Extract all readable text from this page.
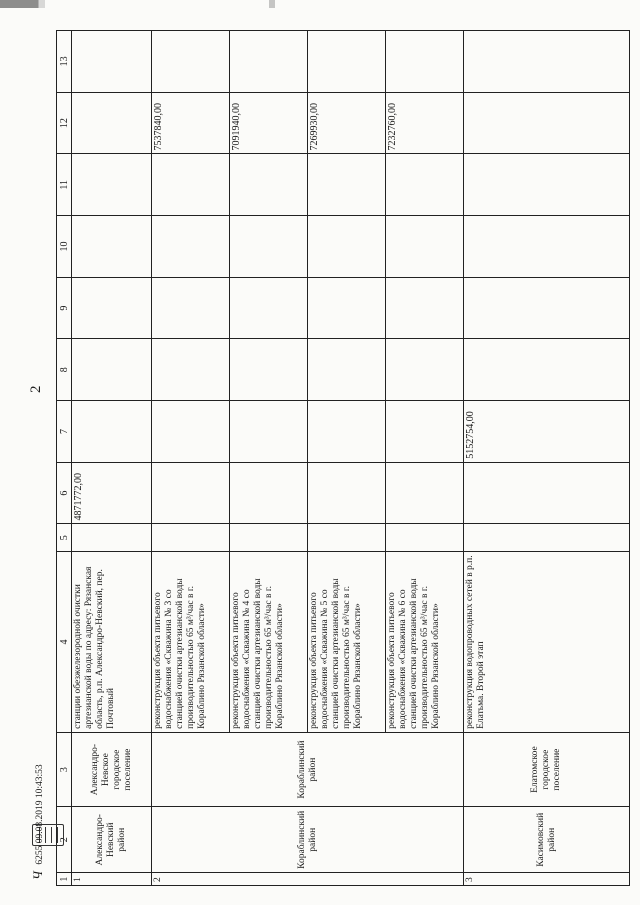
2
1	2	3	4	5	6	7	8	9	10	11	12	13
1	Александро-Невский район	Александро-Невское городское поселение	станции обезжелезородной очистки артезианской воды по адресу: Рязанская область, р.п. Александро-Невский, пер. Почтовый		4871772,00							
2	Кораблинский район	Кораблинский район	реконструкция объекта питьевого водоснабжения «Скважина № 3 со станцией очистки артезианской воды производительностью 65 м³/час в г. Кораблино Рязанской области»								7537840,00	
			реконструкция объекта питьевого водоснабжения «Скважина № 4 со станцией очистки артезианской воды производительностью 65 м³/час в г. Кораблино Рязанской области»								7091940,00	
			реконструкция объекта питьевого водоснабжения «Скважина № 5 со станцией очистки артезианской воды производительностью 65 м³/час в г. Кораблино Рязанской области»								7269930,00	
			реконструкция объекта питьевого водоснабжения «Скважина № 6 со станцией очистки артезианской воды производительностью 65 м³/час в г. Кораблино Рязанской области»								7232760,00	
3	Касимовский район	Елатомское городское поселение	реконструкция водопроводных сетей в р.п. Елатьма. Второй этап			5152754,00						
Ч 6255 09.08.2019 10:43:53
